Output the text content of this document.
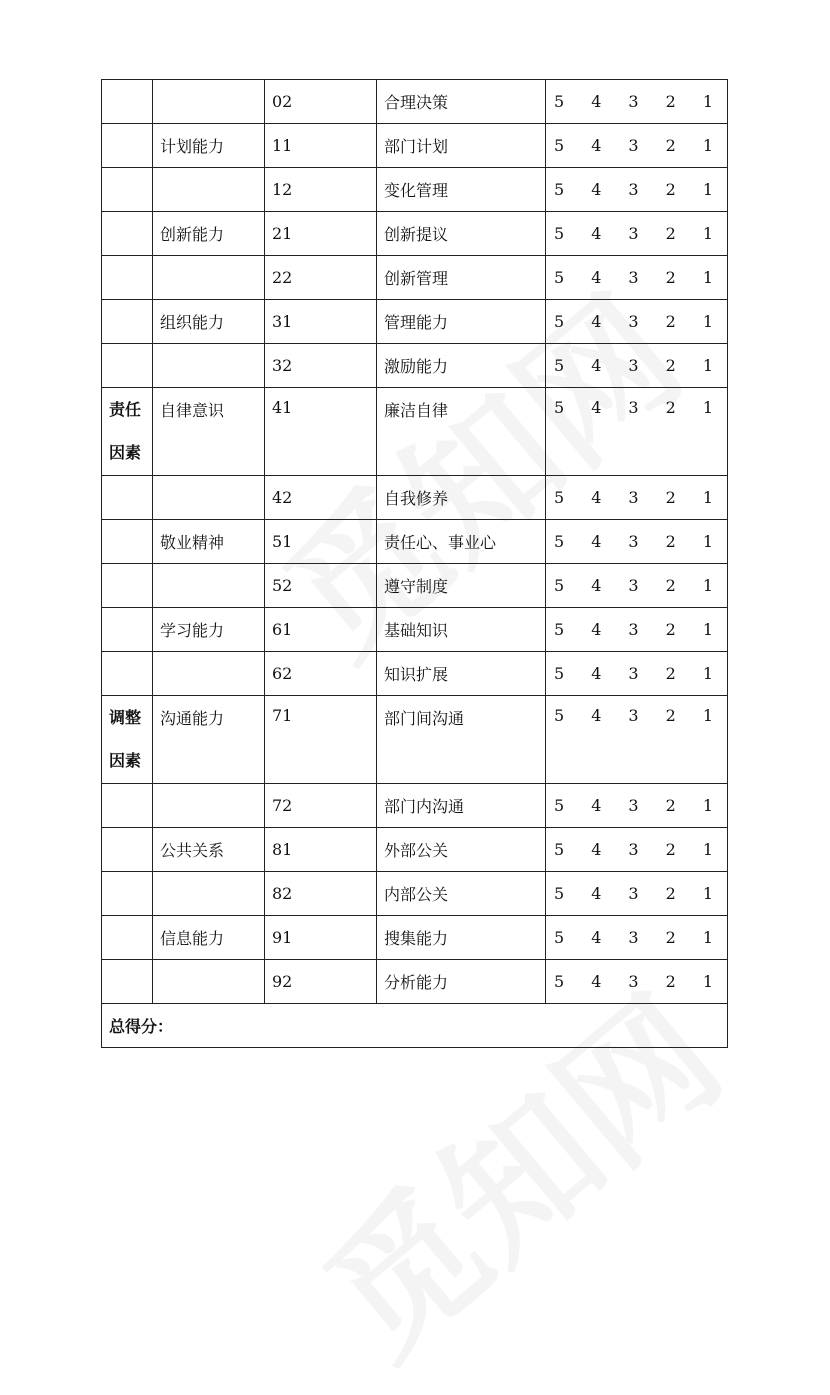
		02	合理决策	5 4 3 2 1

	计划能力	11	部门计划	5 4 3 2 1

		12	变化管理	5 4 3 2 1

	创新能力	21	创新提议	5 4 3 2 1

		22	创新管理	5 4 3 2 1

	组织能力	31	管理能力	5 4 3 2 1

		32	激励能力	5 4 3 2 1

责任因素	自律意识	41	廉洁自律	5 4 3 2 1

		42	自我修养	5 4 3 2 1

	敬业精神	51	责任心、事业心	5 4 3 2 1

		52	遵守制度	5 4 3 2 1

	学习能力	61	基础知识	5 4 3 2 1

		62	知识扩展	5 4 3 2 1

调整因素	沟通能力	71	部门间沟通	5 4 3 2 1

		72	部门内沟通	5 4 3 2 1

	公共关系	81	外部公关	5 4 3 2 1

		82	内部公关	5 4 3 2 1

	信息能力	91	搜集能力	5 4 3 2 1

		92	分析能力	5 4 3 2 1

总得分：				
